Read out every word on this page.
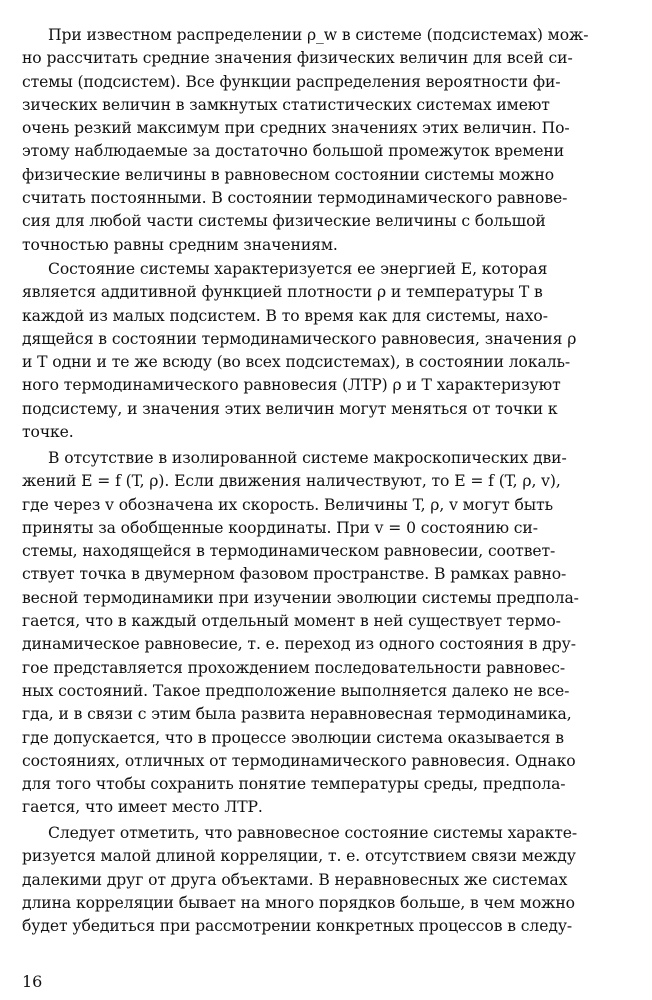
При известном распределении ρ_w в системе (подсистемах) мож-
но рассчитать средние значения физических величин для всей си-
стемы (подсистем). Все функции распределения вероятности фи-
зических величин в замкнутых статистических системах имеют
очень резкий максимум при средних значениях этих величин. По-
этому наблюдаемые за достаточно большой промежуток времени
физические величины в равновесном состоянии системы можно
считать постоянными. В состоянии термодинамического равнове-
сия для любой части системы физические величины с большой
точностью равны средним значениям.
Состояние системы характеризуется ее энергией E, которая
является аддитивной функцией плотности ρ и температуры T в
каждой из малых подсистем. В то время как для системы, нахо-
дящейся в состоянии термодинамического равновесия, значения ρ
и T одни и те же всюду (во всех подсистемах), в состоянии локаль-
ного термодинамического равновесия (ЛТР) ρ и T характеризуют
подсистему, и значения этих величин могут меняться от точки к
точке.
В отсутствие в изолированной системе макроскопических дви-
жений E = f (T, ρ). Если движения наличествуют, то E = f (T, ρ, v),
где через v обозначена их скорость. Величины T, ρ, v могут быть
приняты за обобщенные координаты. При v = 0 состоянию си-
стемы, находящейся в термодинамическом равновесии, соответ-
ствует точка в двумерном фазовом пространстве. В рамках равно-
весной термодинамики при изучении эволюции системы предпола-
гается, что в каждый отдельный момент в ней существует термо-
динамическое равновесие, т. е. переход из одного состояния в дру-
гое представляется прохождением последовательности равновес-
ных состояний. Такое предположение выполняется далеко не все-
гда, и в связи с этим была развита неравновесная термодинамика,
где допускается, что в процессе эволюции система оказывается в
состояниях, отличных от термодинамического равновесия. Однако
для того чтобы сохранить понятие температуры среды, предпола-
гается, что имеет место ЛТР.
Следует отметить, что равновесное состояние системы характе-
ризуется малой длиной корреляции, т. е. отсутствием связи между
далекими друг от друга объектами. В неравновесных же системах
длина корреляции бывает на много порядков больше, в чем можно
будет убедиться при рассмотрении конкретных процессов в следу-
16
